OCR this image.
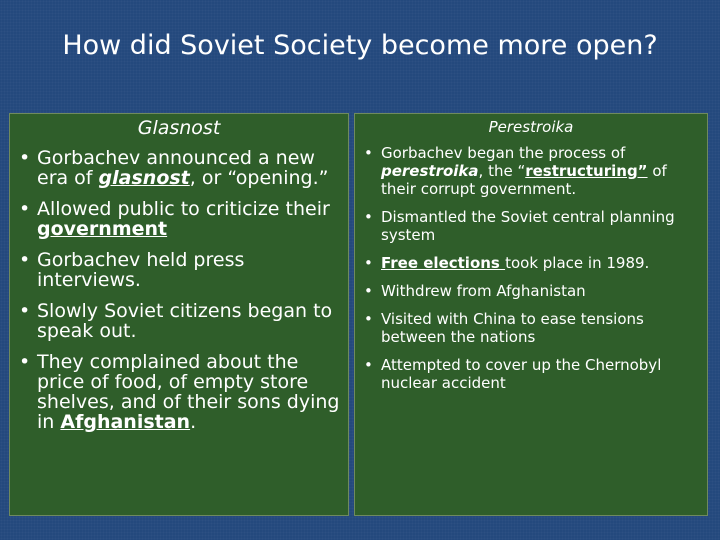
How did Soviet Society become more open?
Glasnost
• Gorbachev announced a new era of glasnost, or “opening.”
• Allowed public to criticize their government
• Gorbachev held press interviews.
• Slowly Soviet citizens began to speak out.
• They complained about the price of food, of empty store shelves, and of their sons dying in Afghanistan.
Perestroika
• Gorbachev began the process of perestroika, the “restructuring” of their corrupt government.
• Dismantled the Soviet central planning system
• Free elections took place in 1989.
• Withdrew from Afghanistan
• Visited with China to ease tensions between the nations
• Attempted to cover up the Chernobyl nuclear accident
